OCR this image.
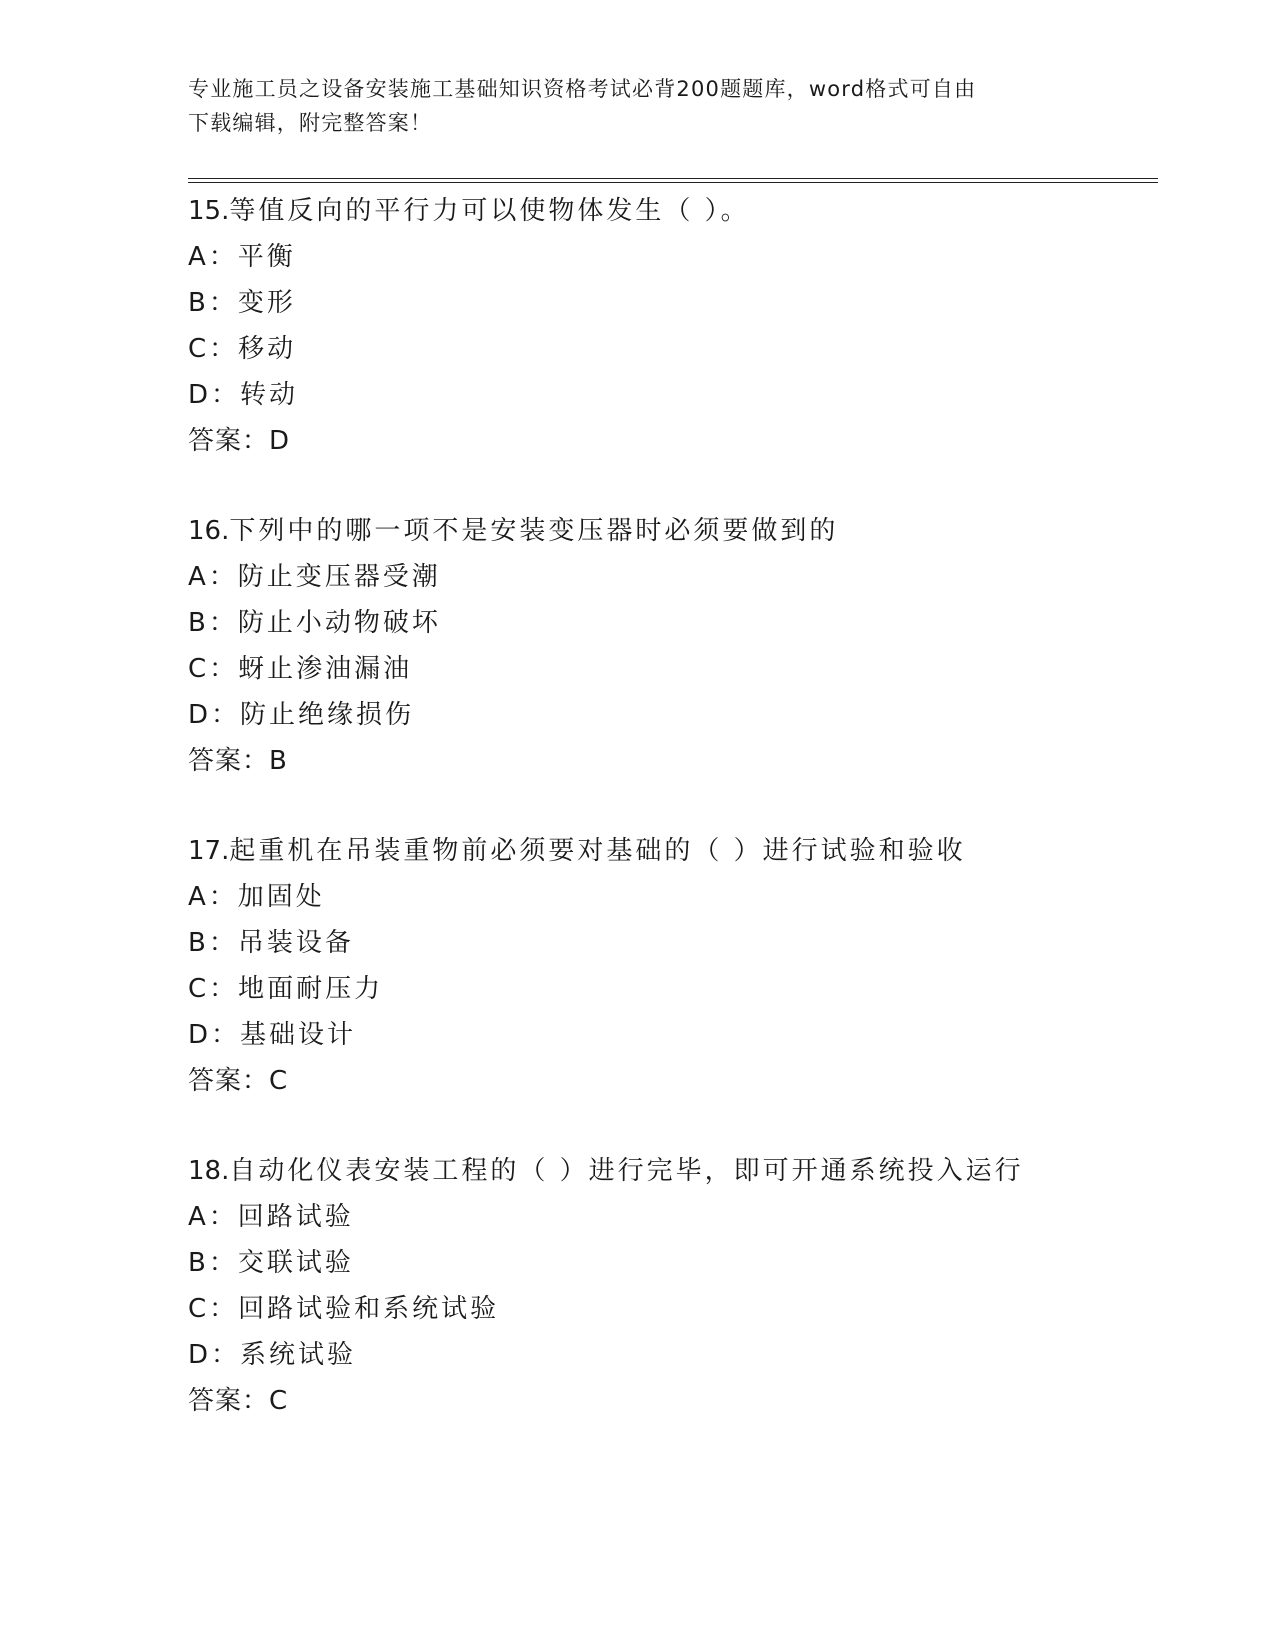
专业施工员之设备安装施工基础知识资格考试必背200题题库，word格式可自由
下载编辑，附完整答案！
15.等值反向的平行力可以使物体发生（ ）。
A：平衡
B：变形
C：移动
D：转动
答案：D
16.下列中的哪一项不是安装变压器时必须要做到的
A：防止变压器受潮
B：防止小动物破坏
C：蚜止渗油漏油
D：防止绝缘损伤
答案：B
17.起重机在吊装重物前必须要对基础的（ ）进行试验和验收
A：加固处
B：吊装设备
C：地面耐压力
D：基础设计
答案：C
18.自动化仪表安装工程的（ ）进行完毕，即可开通系统投入运行
A：回路试验
B：交联试验
C：回路试验和系统试验
D：系统试验
答案：C
